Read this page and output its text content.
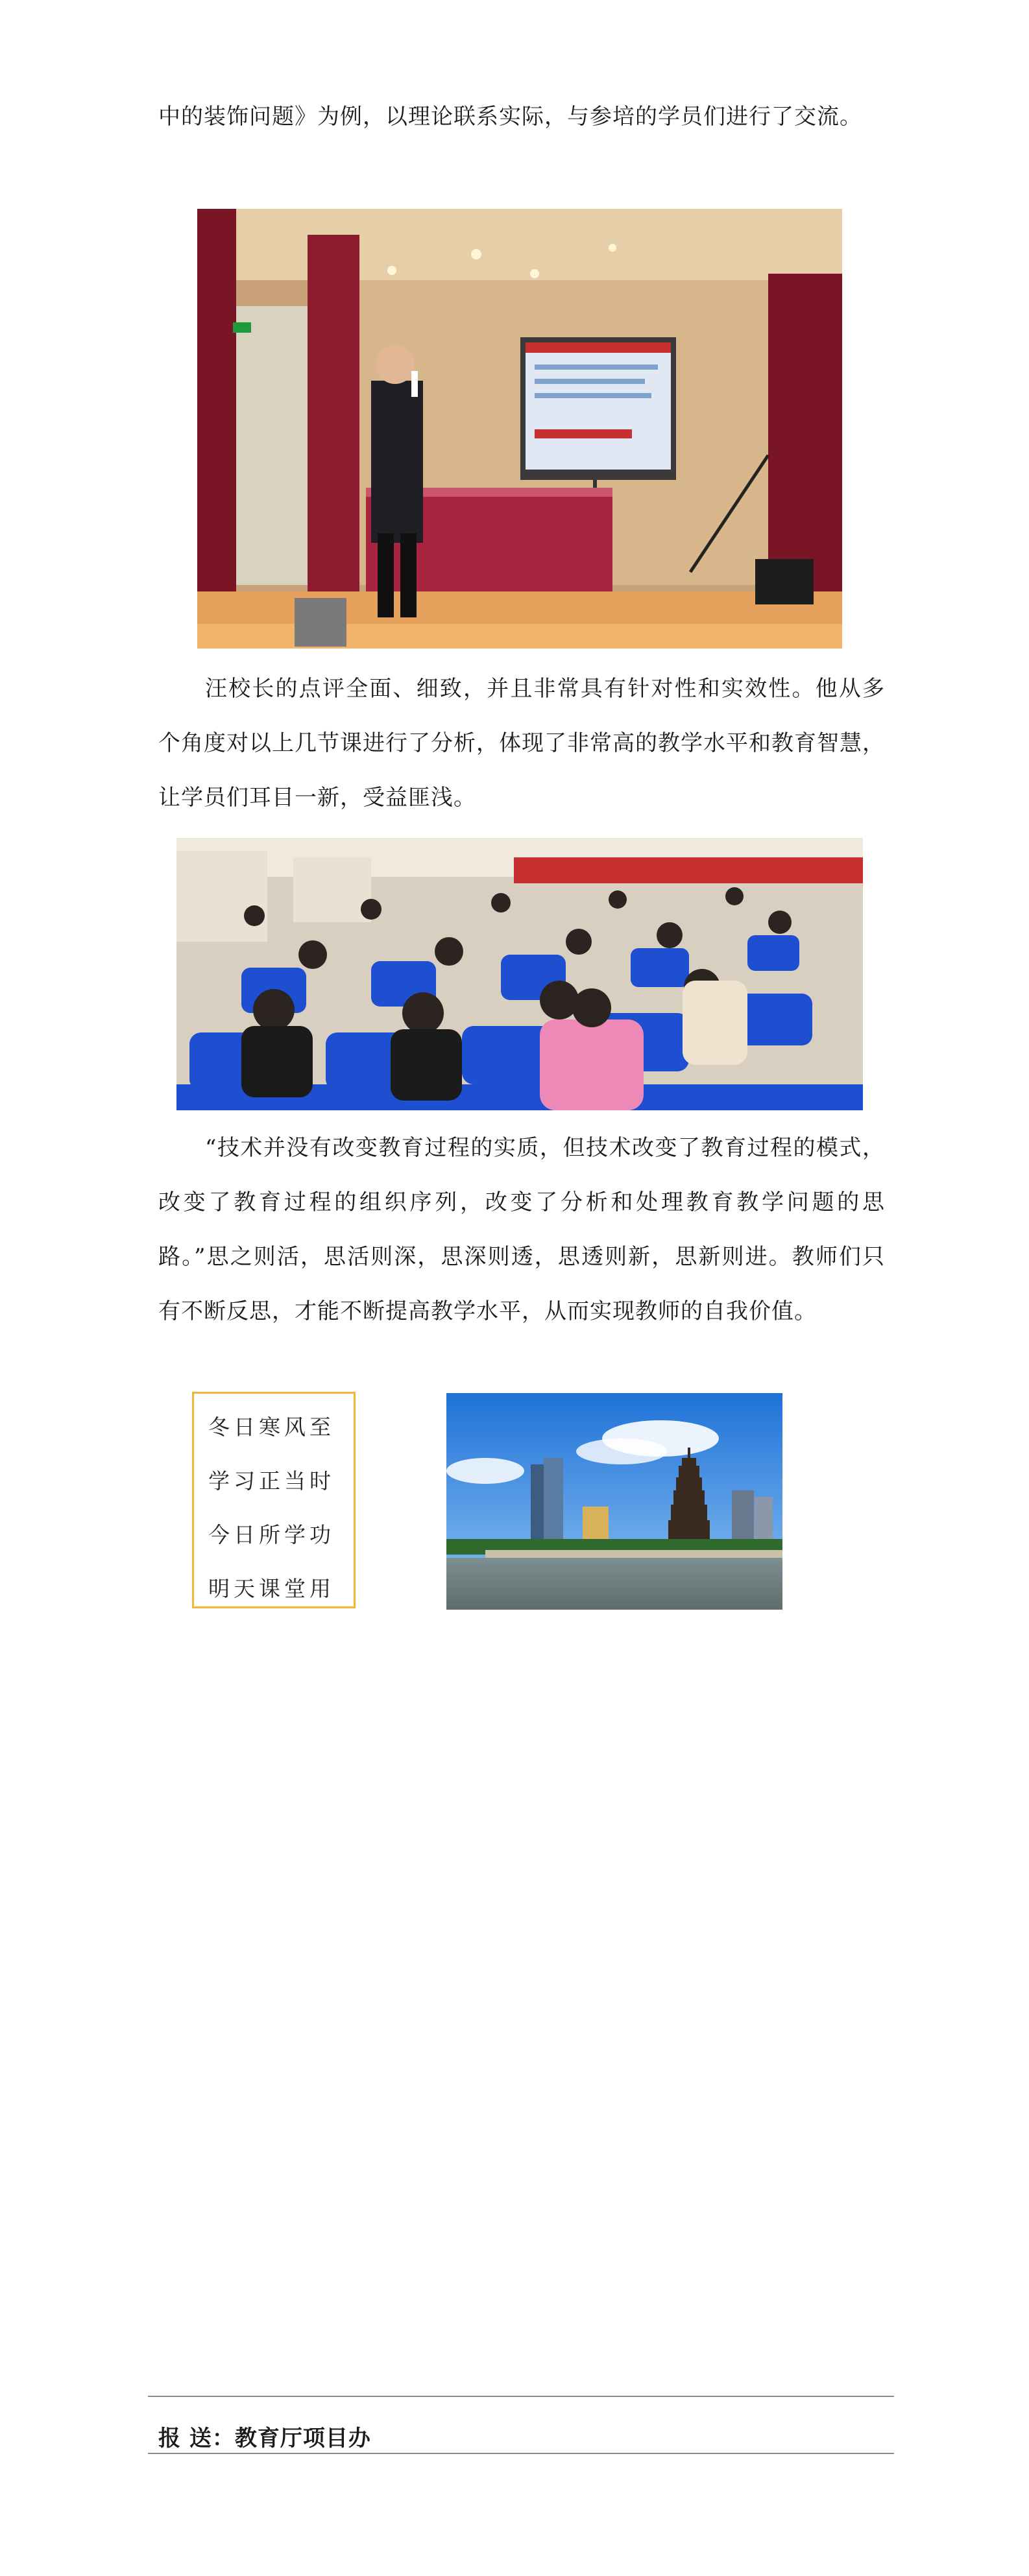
中的装饰问题》为例，以理论联系实际，与参培的学员们进行了交流。

汪校长的点评全面、细致，并且非常具有针对性和实效性。他从多个角度对以上几节课进行了分析，体现了非常高的教学水平和教育智慧，让学员们耳目一新，受益匪浅。

“技术并没有改变教育过程的实质，但技术改变了教育过程的模式，改变了教育过程的组织序列，改变了分析和处理教育教学问题的思路。”思之则活，思活则深，思深则透，思透则新，思新则进。教师们只有不断反思，才能不断提高教学水平，从而实现教师的自我价值。

冬日寒风至
学习正当时
今日所学功
明天课堂用
报 送：教育厅项目办
